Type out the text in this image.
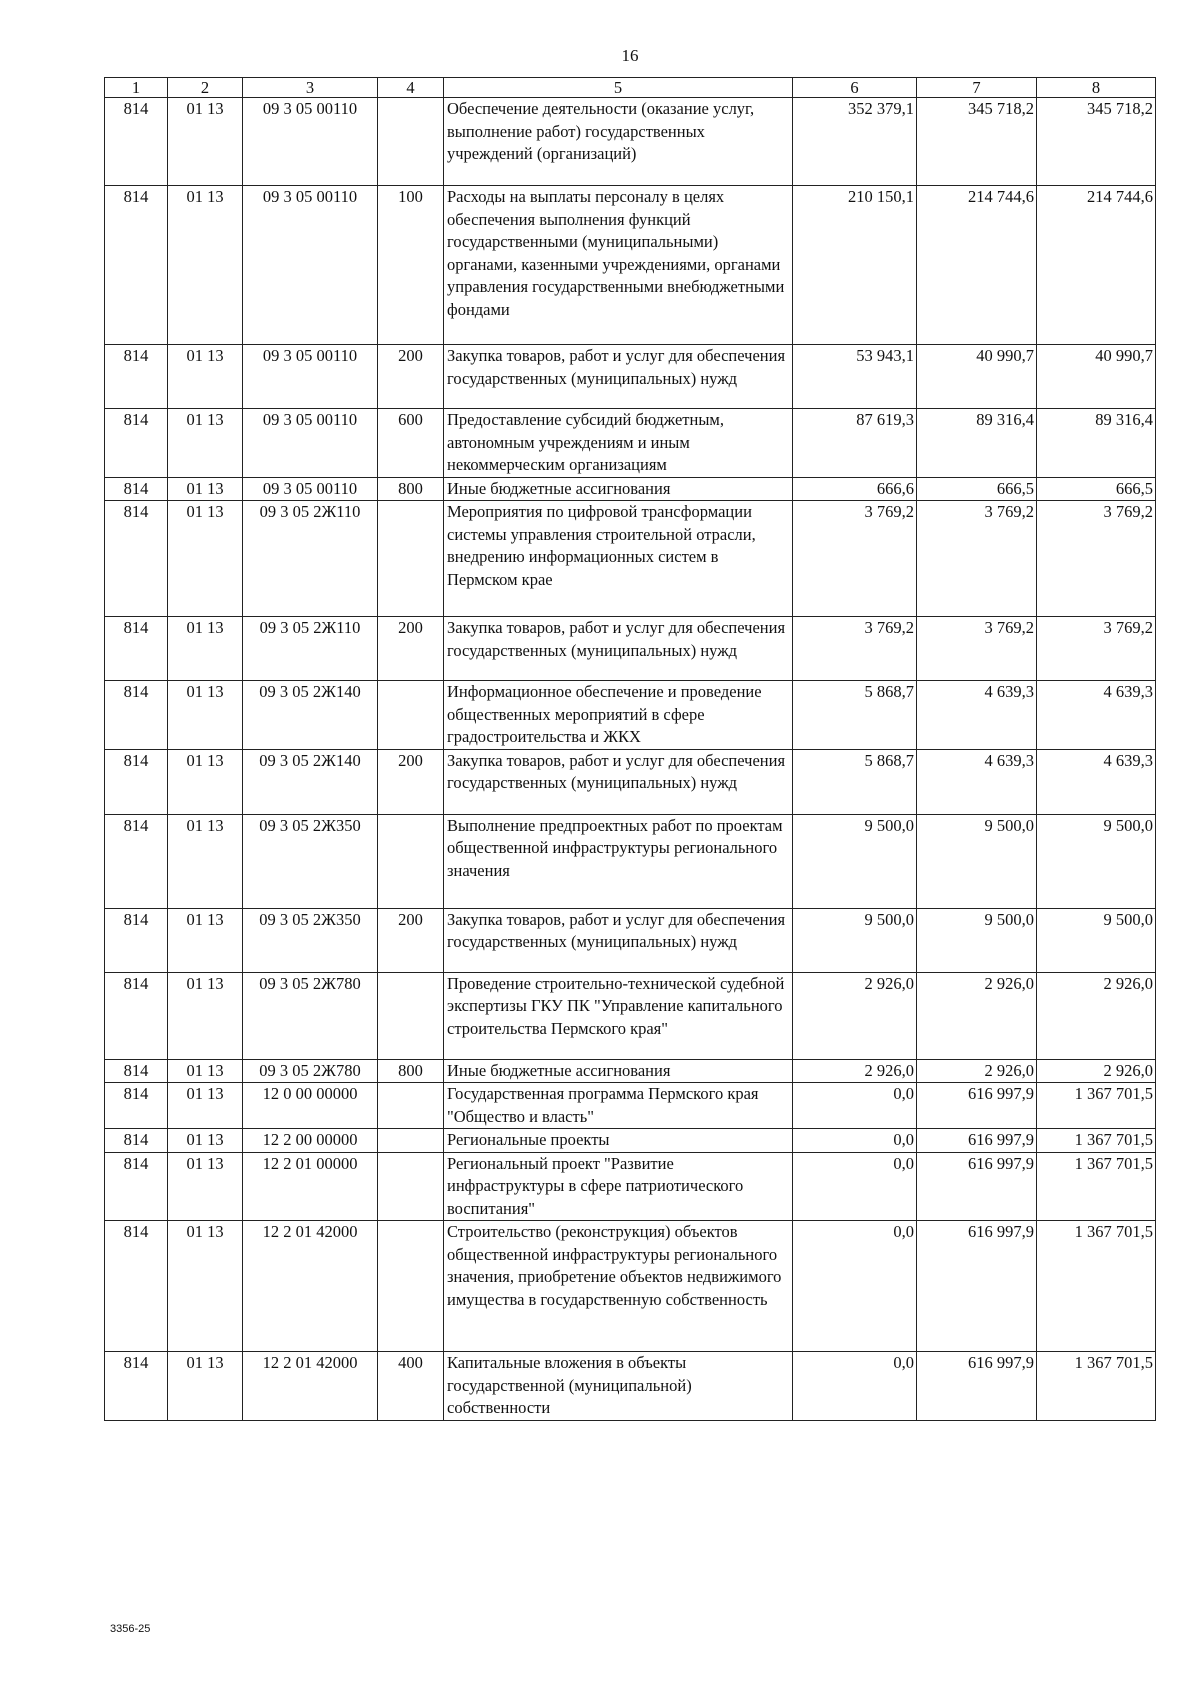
16
1	2	3	4	5	6	7	8
814	01 13	09 3 05 00110		Обеспечение деятельности (оказание услуг, выполнение работ) государственных учреждений (организаций)	352 379,1	345 718,2	345 718,2
814	01 13	09 3 05 00110	100	Расходы на выплаты персоналу в целях обеспечения выполнения функций государственными (муниципальными) органами, казенными учреждениями, органами управления государственными внебюджетными фондами	210 150,1	214 744,6	214 744,6
814	01 13	09 3 05 00110	200	Закупка товаров, работ и услуг для обеспечения государственных (муниципальных) нужд	53 943,1	40 990,7	40 990,7
814	01 13	09 3 05 00110	600	Предоставление субсидий бюджетным, автономным учреждениям и иным некоммерческим организациям	87 619,3	89 316,4	89 316,4
814	01 13	09 3 05 00110	800	Иные бюджетные ассигнования	666,6	666,5	666,5
814	01 13	09 3 05 2Ж110		Мероприятия по цифровой трансформации системы управления строительной отрасли, внедрению информационных систем в Пермском крае	3 769,2	3 769,2	3 769,2
814	01 13	09 3 05 2Ж110	200	Закупка товаров, работ и услуг для обеспечения государственных (муниципальных) нужд	3 769,2	3 769,2	3 769,2
814	01 13	09 3 05 2Ж140		Информационное обеспечение и проведение общественных мероприятий в сфере градостроительства и ЖКХ	5 868,7	4 639,3	4 639,3
814	01 13	09 3 05 2Ж140	200	Закупка товаров, работ и услуг для обеспечения государственных (муниципальных) нужд	5 868,7	4 639,3	4 639,3
814	01 13	09 3 05 2Ж350		Выполнение предпроектных работ по проектам общественной инфраструктуры регионального значения	9 500,0	9 500,0	9 500,0
814	01 13	09 3 05 2Ж350	200	Закупка товаров, работ и услуг для обеспечения государственных (муниципальных) нужд	9 500,0	9 500,0	9 500,0
814	01 13	09 3 05 2Ж780		Проведение строительно-технической судебной экспертизы ГКУ ПК "Управление капитального строительства Пермского края"	2 926,0	2 926,0	2 926,0
814	01 13	09 3 05 2Ж780	800	Иные бюджетные ассигнования	2 926,0	2 926,0	2 926,0
814	01 13	12 0 00 00000		Государственная программа Пермского края "Общество и власть"	0,0	616 997,9	1 367 701,5
814	01 13	12 2 00 00000		Региональные проекты	0,0	616 997,9	1 367 701,5
814	01 13	12 2 01 00000		Региональный проект "Развитие инфраструктуры в сфере патриотического воспитания"	0,0	616 997,9	1 367 701,5
814	01 13	12 2 01 42000		Строительство (реконструкция) объектов общественной инфраструктуры регионального значения, приобретение объектов недвижимого имущества в государственную собственность	0,0	616 997,9	1 367 701,5
814	01 13	12 2 01 42000	400	Капитальные вложения в объекты государственной (муниципальной) собственности	0,0	616 997,9	1 367 701,5
3356-25
